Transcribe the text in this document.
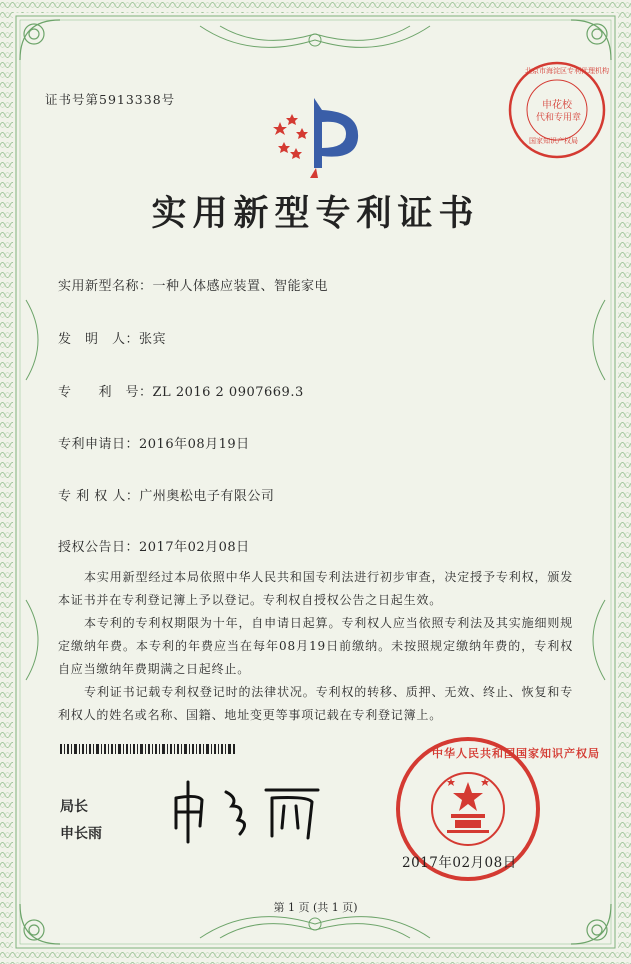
证书号第5913338号	申花校
代和专用章
北京市海淀区专利代理机构
国家知识产权局
实用新型专利证书
实用新型名称：一种人体感应装置、智能家电
发　明　人：张宾
专　　利　号：ZL 2016 2 0907669.3
专利申请日：2016年08月19日
专 利 权 人：广州奥松电子有限公司
授权公告日：2017年02月08日
本实用新型经过本局依照中华人民共和国专利法进行初步审查，决定授予专利权，颁发本证书并在专利登记簿上予以登记。专利权自授权公告之日起生效。
本专利的专利权期限为十年，自申请日起算。专利权人应当依照专利法及其实施细则规定缴纳年费。本专利的年费应当在每年08月19日前缴纳。未按照规定缴纳年费的，专利权自应当缴纳年费期满之日起终止。
专利证书记载专利权登记时的法律状况。专利权的转移、质押、无效、终止、恢复和专利权人的姓名或名称、国籍、地址变更等事项记载在专利登记簿上。
局长
申长雨
中华人民共和国国家知识产权局
2017年02月08日
第 1 页 (共 1 页)
